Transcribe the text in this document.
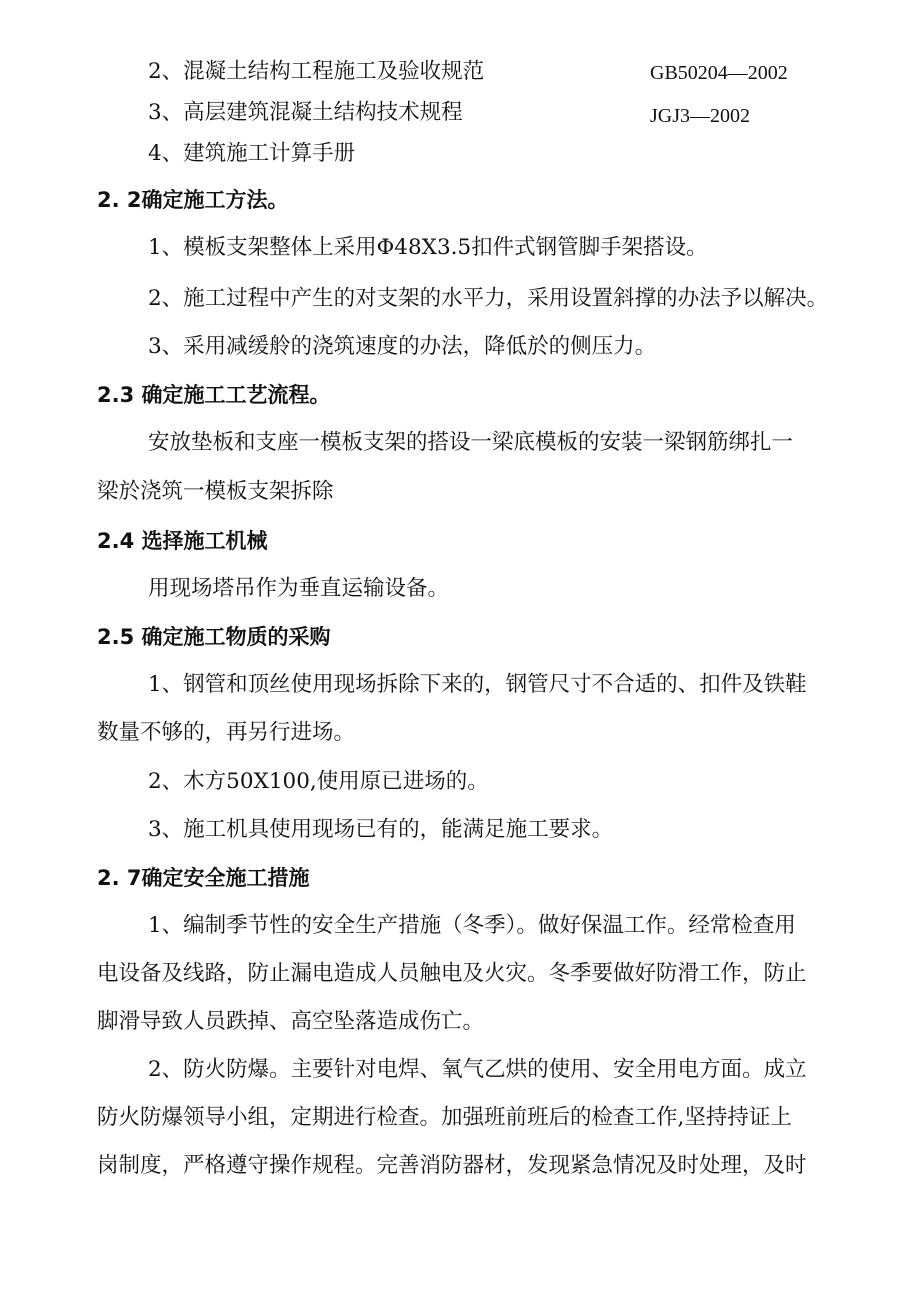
2、混凝土结构工程施工及验收规范	GB50204—2002
3、高层建筑混凝土结构技术规程	JGJ3—2002
4、建筑施工计算手册
2. 2确定施工方法。
1、模板支架整体上采用Φ48X3.5扣件式钢管脚手架搭设。
2、施工过程中产生的对支架的水平力，采用设置斜撑的办法予以解决。
3、采用减缓舲的浇筑速度的办法，降低於的侧压力。
2.3 确定施工工艺流程。
安放垫板和支座一模板支架的搭设一梁底模板的安装一梁钢筋绑扎一
梁於浇筑一模板支架拆除
2.4 选择施工机械
用现场塔吊作为垂直运输设备。
2.5 确定施工物质的采购
1、钢管和顶丝使用现场拆除下来的，钢管尺寸不合适的、扣件及铁鞋
数量不够的，再另行进场。
2、木方50X100,使用原已进场的。
3、施工机具使用现场已有的，能满足施工要求。
2. 7确定安全施工措施
1、编制季节性的安全生产措施（冬季）。做好保温工作。经常检查用
电设备及线路，防止漏电造成人员触电及火灾。冬季要做好防滑工作，防止
脚滑导致人员跌掉、高空坠落造成伤亡。
2、防火防爆。主要针对电焊、氧气乙烘的使用、安全用电方面。成立
防火防爆领导小组，定期进行检查。加强班前班后的检查工作,坚持持证上
岗制度，严格遵守操作规程。完善消防器材，发现紧急情况及时处理，及时
